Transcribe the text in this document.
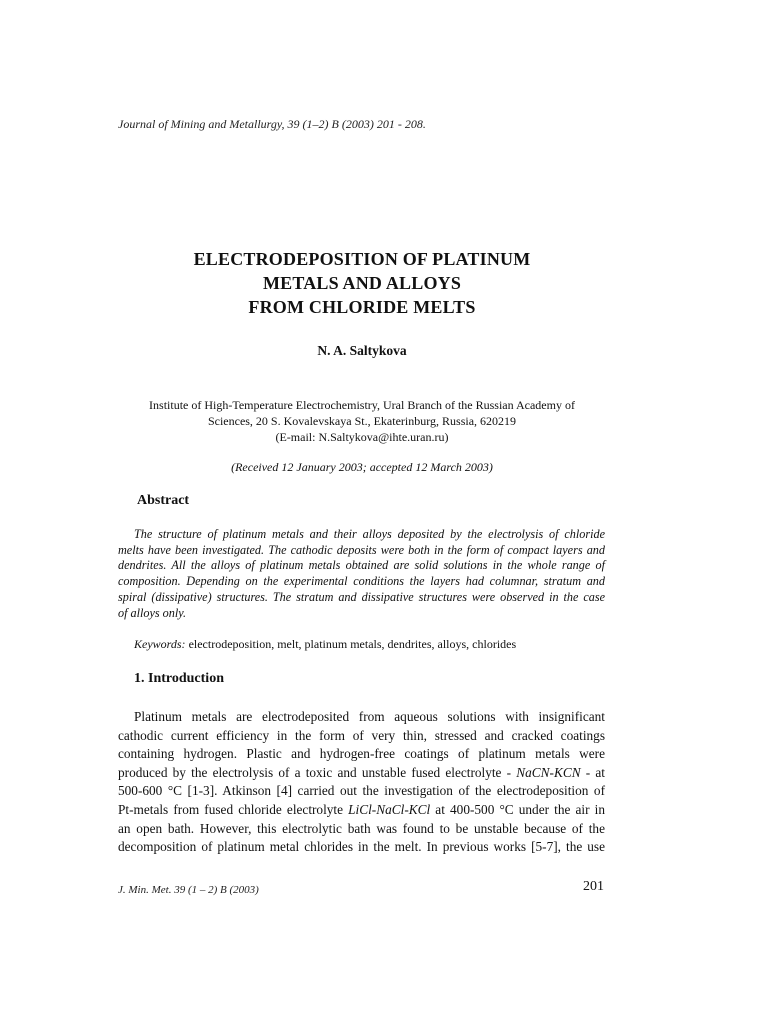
Journal of Mining and Metallurgy, 39 (1–2) B (2003) 201 - 208.
ELECTRODEPOSITION OF PLATINUM
METALS AND ALLOYS
FROM CHLORIDE MELTS
N. A. Saltykova
Institute of High-Temperature Electrochemistry, Ural Branch of the Russian Academy of
Sciences, 20 S. Kovalevskaya St., Ekaterinburg, Russia, 620219
(E-mail: N.Saltykova@ihte.uran.ru)
(Received 12 January 2003; accepted 12 March 2003)
Abstract
The structure of platinum metals and their alloys deposited by the electrolysis of chloride
melts have been investigated. The cathodic deposits were both in the form of compact layers and
dendrites. All the alloys of platinum metals obtained are solid solutions in the whole range of
composition. Depending on the experimental conditions the layers had columnar, stratum and
spiral (dissipative) structures. The stratum and dissipative structures were observed in the case
of alloys only.
Keywords: electrodeposition, melt, platinum metals, dendrites, alloys, chlorides
1. Introduction
Platinum metals are electrodeposited from aqueous solutions with insignificant
cathodic current efficiency in the form of very thin, stressed and cracked coatings
containing hydrogen. Plastic and hydrogen-free coatings of platinum metals were
produced by the electrolysis of a toxic and unstable fused electrolyte - NaCN-KCN - at
500-600 °C [1-3]. Atkinson [4] carried out the investigation of the electrodeposition of
Pt-metals from fused chloride electrolyte LiCl-NaCl-KCl at 400-500 °C under the air in
an open bath. However, this electrolytic bath was found to be unstable because of the
decomposition of platinum metal chlorides in the melt. In previous works [5-7], the use
J. Min. Met. 39 (1 – 2) B (2003)	201
